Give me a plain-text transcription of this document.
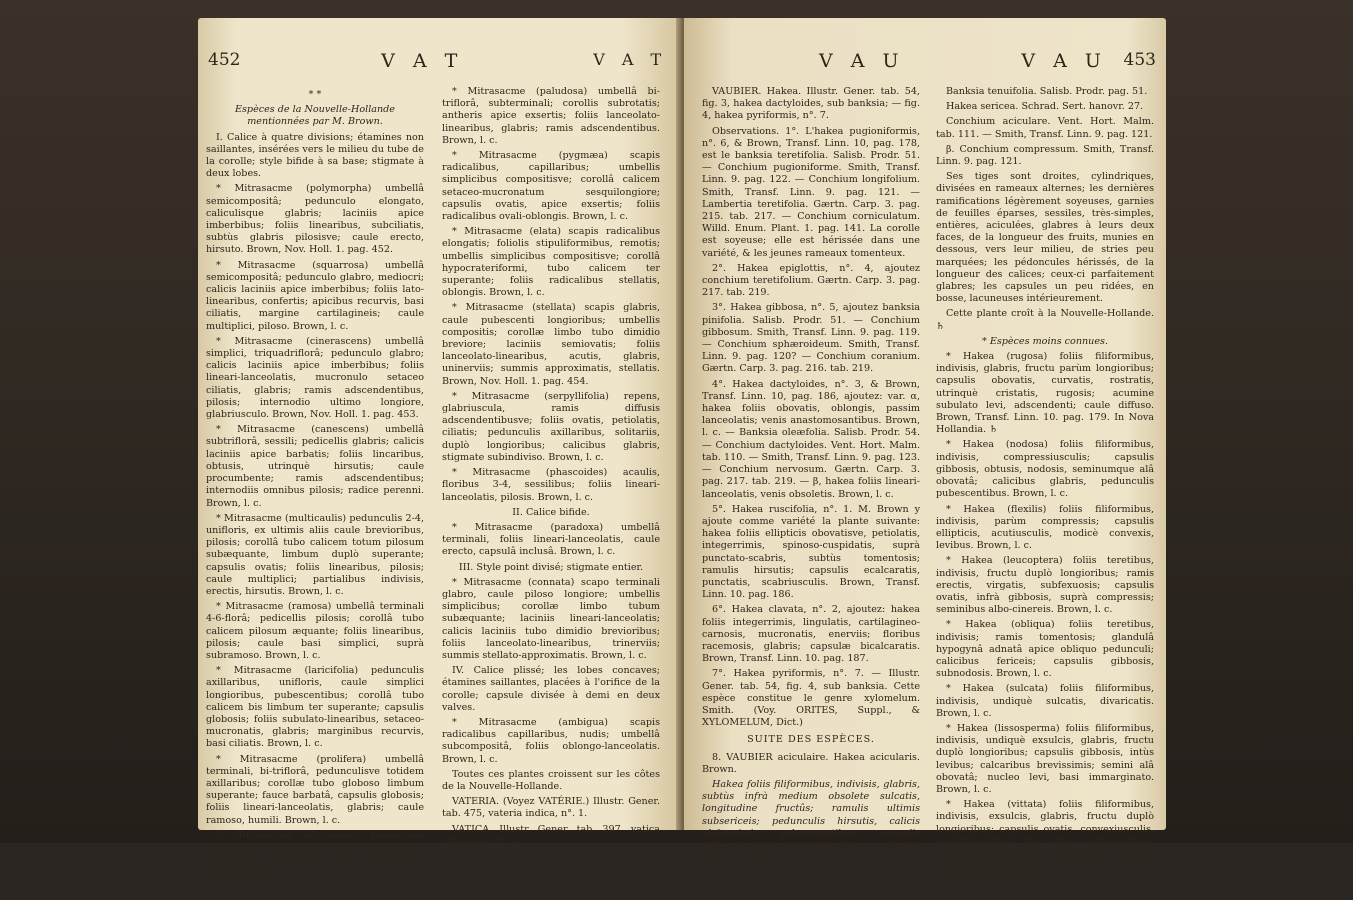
452	V A T	V A T

* *

Espèces de la Nouvelle-Hollande mentionnées par M. Brown.

I. Calice à quatre divisions; étamines non saillantes, insérées vers le milieu du tube de la corolle; style bifide à sa base; stigmate à deux lobes.

* Mitrasacme (polymorpha) umbellâ semicompositâ; pedunculo elongato, caliculisque glabris; laciniis apice imberbibus; foliis linearibus, subciliatis, subtùs glabris pilosisve; caule erecto, hirsuto. Brown, Nov. Holl. 1. pag. 452.

* Mitrasacme (squarrosa) umbellâ semicompositâ; pedunculo glabro, mediocri; calicis laciniis apice imberbibus; foliis lato-linearibus, confertis; apicibus recurvis, basi ciliatis, margine cartilagineis; caule multiplici, piloso. Brown, l. c.

* Mitrasacme (cinerascens) umbellâ simplici, triquadriflorâ; pedunculo glabro; calicis laciniis apice imberbibus; foliis lineari-lanceolatis, mucronulo setaceo ciliatis, glabris; ramis adscendentibus, pilosis; internodio ultimo longiore, glabriusculo. Brown, Nov. Holl. 1. pag. 453.

* Mitrasacme (canescens) umbellâ subtriflorâ, sessili; pedicellis glabris; calicis laciniis apice barbatis; foliis lincaribus, obtusis, utrinquè hirsutis; caule procumbente; ramis adscendentibus; internodiis omnibus pilosis; radice perenni. Brown, l. c.

* Mitrasacme (multicaulis) pedunculis 2-4, unifloris, ex ultimis aliis caule brevioribus, pilosis; corollâ tubo calicem totum pilosum subæquante, limbum duplò superante; capsulis ovatis; foliis linearibus, pilosis; caule multiplici; partialibus indivisis, erectis, hirsutis. Brown, l. c.

* Mitrasacme (ramosa) umbellâ terminali 4-6-florâ; pedicellis pilosis; corollâ tubo calicem pilosum æquante; foliis linearibus, pilosis; caule basi simplici, suprà subramoso. Brown, l. c.

* Mitrasacme (laricifolia) pedunculis axillaribus, unifloris, caule simplici longioribus, pubescentibus; corollâ tubo calicem bis limbum ter superante; capsulis globosis; foliis subulato-linearibus, setaceo-mucronatis, glabris; marginibus recurvis, basi ciliatis. Brown, l. c.

* Mitrasacme (prolifera) umbellâ terminali, bi-triflorâ, pedunculisve totidem axillaribus; corollæ tubo globoso limbum superante; fauce barbatâ, capsulis globosis; foliis lineari-lanceolatis, glabris; caule ramoso, humili. Brown, l. c.

* Mitrasacme (alsinoides) pedunculis solitariis, lateralibus; foliis ovato-lanceolatis, glabris; caule dichotomo, erecto. Brown, l. c.

* Mitrasacme (paludosa) umbellâ bi-triflorâ, subterminali; corollis subrotatis; antheris apice exsertis; foliis lanceolato-linearibus, glabris; ramis adscendentibus. Brown, l. c.

* Mitrasacme (pygmæa) scapis radicalibus, capillaribus; umbellis simplicibus compositisve; corollâ calicem setaceo-mucronatum sesquilongiore; capsulis ovatis, apice exsertis; foliis radicalibus ovali-oblongis. Brown, l. c.

* Mitrasacme (elata) scapis radicalibus elongatis; foliolis stipuliformibus, remotis; umbellis simplicibus compositisve; corollâ hypocrateriformi, tubo calicem ter superante; foliis radicalibus stellatis, oblongis. Brown, l. c.

* Mitrasacme (stellata) scapis glabris, caule pubescenti longioribus; umbellis compositis; corollæ limbo tubo dimidio breviore; laciniis semiovatis; foliis lanceolato-linearibus, acutis, glabris, uninerviis; summis approximatis, stellatis. Brown, Nov. Holl. 1. pag. 454.

* Mitrasacme (serpyllifolia) repens, glabriuscula, ramis diffusis adscendentibusve; foliis ovatis, petiolatis, ciliatis; pedunculis axillaribus, solitariis, duplò longioribus; calicibus glabris, stigmate subindiviso. Brown, l. c.

* Mitrasacme (phascoides) acaulis, floribus 3-4, sessilibus; foliis lineari-lanceolatis, pilosis. Brown, l. c.

II. Calice bifide.

* Mitrasacme (paradoxa) umbellâ terminali, foliis lineari-lanceolatis, caule erecto, capsulâ inclusâ. Brown, l. c.

III. Style point divisé; stigmate entier.

* Mitrasacme (connata) scapo terminali glabro, caule piloso longiore; umbellis simplicibus; corollæ limbo tubum subæquante; laciniis lineari-lanceolatis; calicis laciniis tubo dimidio brevioribus; foliis lanceolato-linearibus, trinerviis; summis stellato-approximatis. Brown, l. c.

IV. Calice plissé; les lobes concaves; étamines saillantes, placées à l'orifice de la corolle; capsule divisée à demi en deux valves.

* Mitrasacme (ambigua) scapis radicalibus capillaribus, nudis; umbellâ subcompositâ, foliis oblongo-lanceolatis. Brown, l. c.

Toutes ces plantes croissent sur les côtes de la Nouvelle-Hollande.

VATERIA. (Voyez VATÉRIE.) Illustr. Gener. tab. 475, vateria indica, n°. 1.

VATICA. Illustr. Gener. tab. 397, vatica chinensis, n°. 1.

V A U	V A U 453

VAUBIER. Hakea. Illustr. Gener. tab. 54, fig. 3, hakea dactyloides, sub banksia; — fig. 4, hakea pyriformis, n°. 7.

Observations. 1°. L'hakea pugioniformis, n°. 6, & Brown, Transf. Linn. 10, pag. 178, est le banksia teretifolia. Salisb. Prodr. 51. — Conchium pugioniforme. Smith, Transf. Linn. 9. pag. 122. — Conchium longifolium. Smith, Transf. Linn. 9. pag. 121. — Lambertia teretifolia. Gærtn. Carp. 3. pag. 215. tab. 217. — Conchium corniculatum. Willd. Enum. Plant. 1. pag. 141. La corolle est soyeuse; elle est hérissée dans une variété, & les jeunes rameaux tomenteux.

2°. Hakea epiglottis, n°. 4, ajoutez conchium teretifolium. Gærtn. Carp. 3. pag. 217. tab. 219.

3°. Hakea gibbosa, n°. 5, ajoutez banksia pinifolia. Salisb. Prodr. 51. — Conchium gibbosum. Smith, Transf. Linn. 9. pag. 119. — Conchium sphæroideum. Smith, Transf. Linn. 9. pag. 120? — Conchium coranium. Gærtn. Carp. 3. pag. 216. tab. 219.

4°. Hakea dactyloides, n°. 3, & Brown, Transf. Linn. 10, pag. 186, ajoutez: var. α, hakea foliis obovatis, oblongis, passim lanceolatis; venis anastomosantibus. Brown, l. c. — Banksia oleæfolia. Salisb. Prodr. 54. — Conchium dactyloides. Vent. Hort. Malm. tab. 110. — Smith, Transf. Linn. 9. pag. 123. — Conchium nervosum. Gærtn. Carp. 3. pag. 217. tab. 219. — β, hakea foliis lineari-lanceolatis, venis obsoletis. Brown, l. c.

5°. Hakea ruscifolia, n°. 1. M. Brown y ajoute comme variété la plante suivante: hakea foliis ellipticis obovatisve, petiolatis, integerrimis, spinoso-cuspidatis, suprà punctato-scabris, subtùs tomentosis; ramulis hirsutis; capsulis ecalcaratis, punctatis, scabriusculis. Brown, Transf. Linn. 10. pag. 186.

6°. Hakea clavata, n°. 2, ajoutez: hakea foliis integerrimis, lingulatis, cartilagineo-carnosis, mucronatis, enerviis; floribus racemosis, glabris; capsulæ bicalcaratis. Brown, Transf. Linn. 10. pag. 187.

7°. Hakea pyriformis, n°. 7. — Illustr. Gener. tab. 54, fig. 4, sub banksia. Cette espèce constitue le genre xylomelum. Smith. (Voy. ORITES, Suppl., & XYLOMELUM, Dict.)

SUITE DES ESPÈCES.

8. VAUBIER aciculaire. Hakea acicularis. Brown.

Hakea foliis filiformibus, indivisis, glabris, subtùs infrà medium obsolete sulcatis, longitudine fructûs; ramulis ultimis subsericeis; pedunculis hirsutis, calicis glaberrimis subæquantibus; capsulis gibbosis, intùs lacunosis. Brown, Transf. Linn. 10. pag. 181.

Banksia tenuifolia. Salisb. Prodr. pag. 51.

Hakea sericea. Schrad. Sert. hanovr. 27.

Conchium aciculare. Vent. Hort. Malm. tab. 111. — Smith, Transf. Linn. 9. pag. 121.

β. Conchium compressum. Smith, Transf. Linn. 9. pag. 121.

Ses tiges sont droites, cylindriques, divisées en rameaux alternes; les dernières ramifications légèrement soyeuses, garnies de feuilles éparses, sessiles, très-simples, entières, aciculées, glabres à leurs deux faces, de la longueur des fruits, munies en dessous, vers leur milieu, de stries peu marquées; les pédoncules hérissés, de la longueur des calices; ceux-ci parfaitement glabres; les capsules un peu ridées, en bosse, lacuneuses intérieurement.

Cette plante croît à la Nouvelle-Hollande. ♄

* Espèces moins connues.

* Hakea (rugosa) foliis filiformibus, indivisis, glabris, fructu parùm longioribus; capsulis obovatis, curvatis, rostratis, utrinquè cristatis, rugosis; acumine subulato levi, adscendenti; caule diffuso. Brown, Transf. Linn. 10. pag. 179. In Nova Hollandia. ♄

* Hakea (nodosa) foliis filiformibus, indivisis, compressiusculis; capsulis gibbosis, obtusis, nodosis, seminumque alâ obovatâ; calicibus glabris, pedunculis pubescentibus. Brown, l. c.

* Hakea (flexilis) foliis filiformibus, indivisis, parùm compressis; capsulis ellipticis, acutiusculis, modicè convexis, levibus. Brown, l. c.

* Hakea (leucoptera) foliis teretibus, indivisis, fructu duplò longioribus; ramis erectis, virgatis, subfexuosis; capsulis ovatis, infrà gibbosis, suprà compressis; seminibus albo-cinereis. Brown, l. c.

* Hakea (obliqua) foliis teretibus, indivisis; ramis tomentosis; glandulâ hypogynâ adnatâ apice obliquo pedunculi; calicibus fericeis; capsulis gibbosis, subnodosis. Brown, l. c.

* Hakea (sulcata) foliis filiformibus, indivisis, undiquè sulcatis, divaricatis. Brown, l. c.

* Hakea (lissosperma) foliis filiformibus, indivisis, undiquè exsulcis, glabris, fructu duplò longioribus; capsulis gibbosis, intùs levibus; calcaribus brevissimis; semini alâ obovatâ; nucleo levi, basi immarginato. Brown, l. c.

* Hakea (vittata) foliis filiformibus, indivisis, exsulcis, glabris, fructu duplò longioribus; capsulis ovatis, convexiusculis, æquilateralibus, basi citius dehiscentibus, intùs lacunosis; seminis alâ obovatâ; ramulis tomentosis. Brown, l. c.

* Hakea (cycloptera) foliis filiformibus, indi-
